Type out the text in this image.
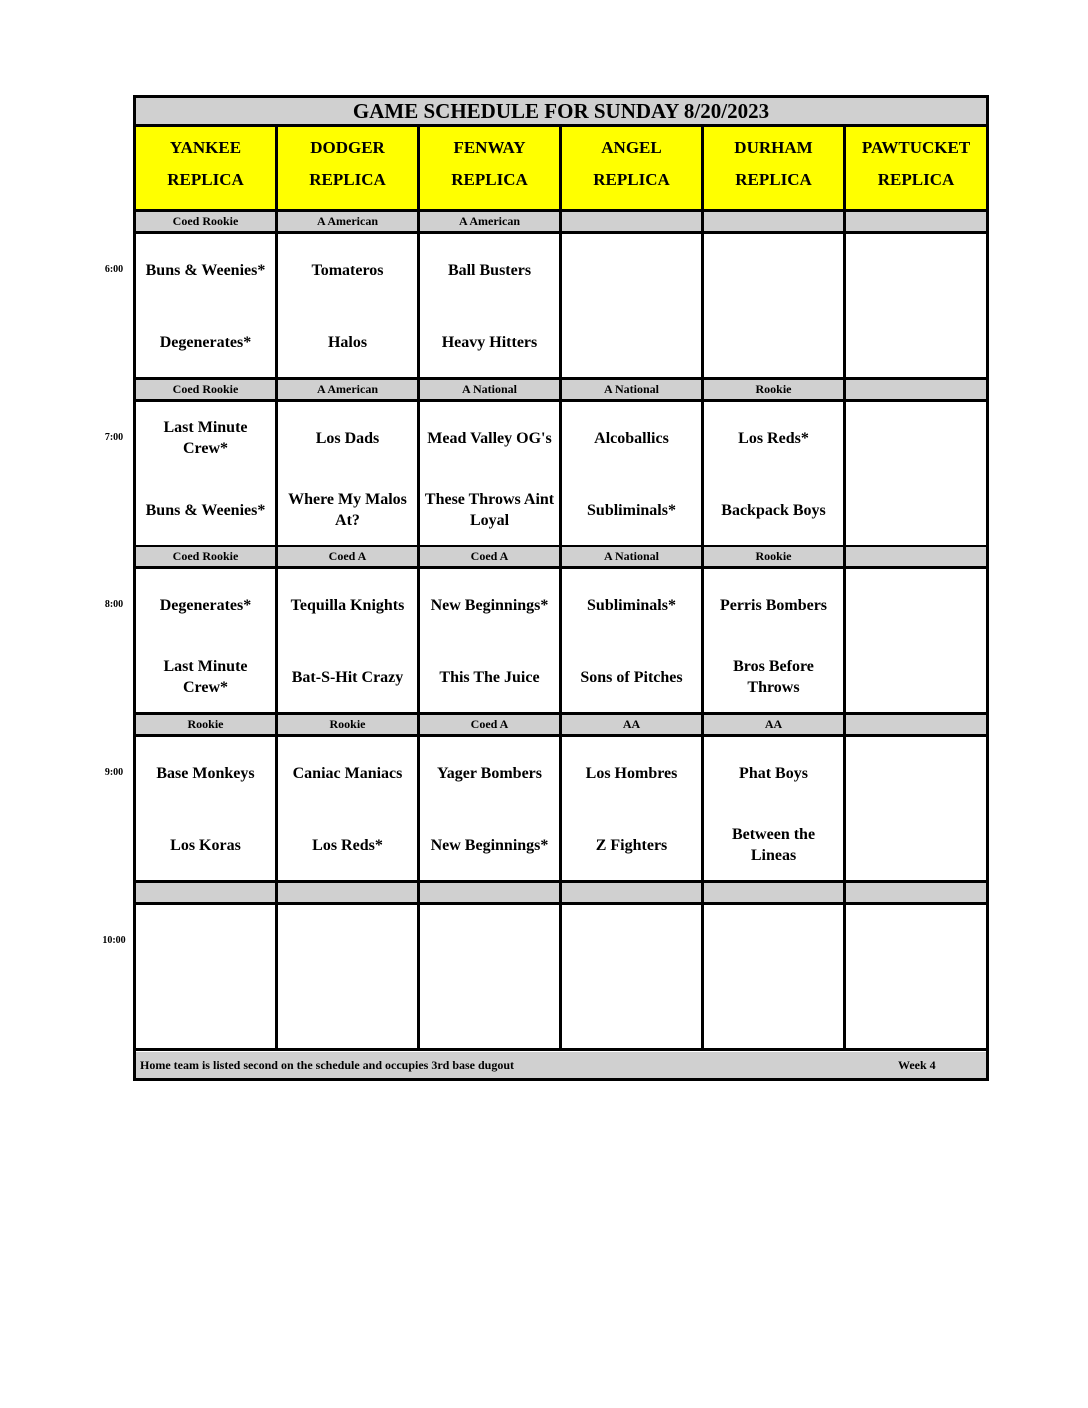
GAME SCHEDULE FOR SUNDAY 8/20/2023
YANKEE
REPLICA
DODGER
REPLICA
FENWAY
REPLICA
ANGEL
REPLICA
DURHAM
REPLICA
PAWTUCKET
REPLICA
Coed Rookie
Buns & Weenies*
Degenerates*
A American
Tomateros
Halos
A American
Ball Busters
Heavy Hitters
Coed Rookie
Last Minute Crew*
Buns & Weenies*
A American
Los Dads
Where My Malos At?
A National
Mead Valley OG's
These Throws Aint Loyal
A National
Alcoballics
Subliminals*
Rookie
Los Reds*
Backpack Boys
Coed Rookie
Degenerates*
Last Minute Crew*
Coed A
Tequilla Knights
Bat-S-Hit Crazy
Coed A
New Beginnings*
This The Juice
A National
Subliminals*
Sons of Pitches
Rookie
Perris Bombers
Bros Before Throws
Rookie
Base Monkeys
Los Koras
Rookie
Caniac Maniacs
Los Reds*
Coed A
Yager Bombers
New Beginnings*
AA
Los Hombres
Z Fighters
AA
Phat Boys
Between the Lineas
Home team is listed second on the schedule and occupies 3rd base dugout	Week 4
6:00
7:00
8:00
9:00
10:00
